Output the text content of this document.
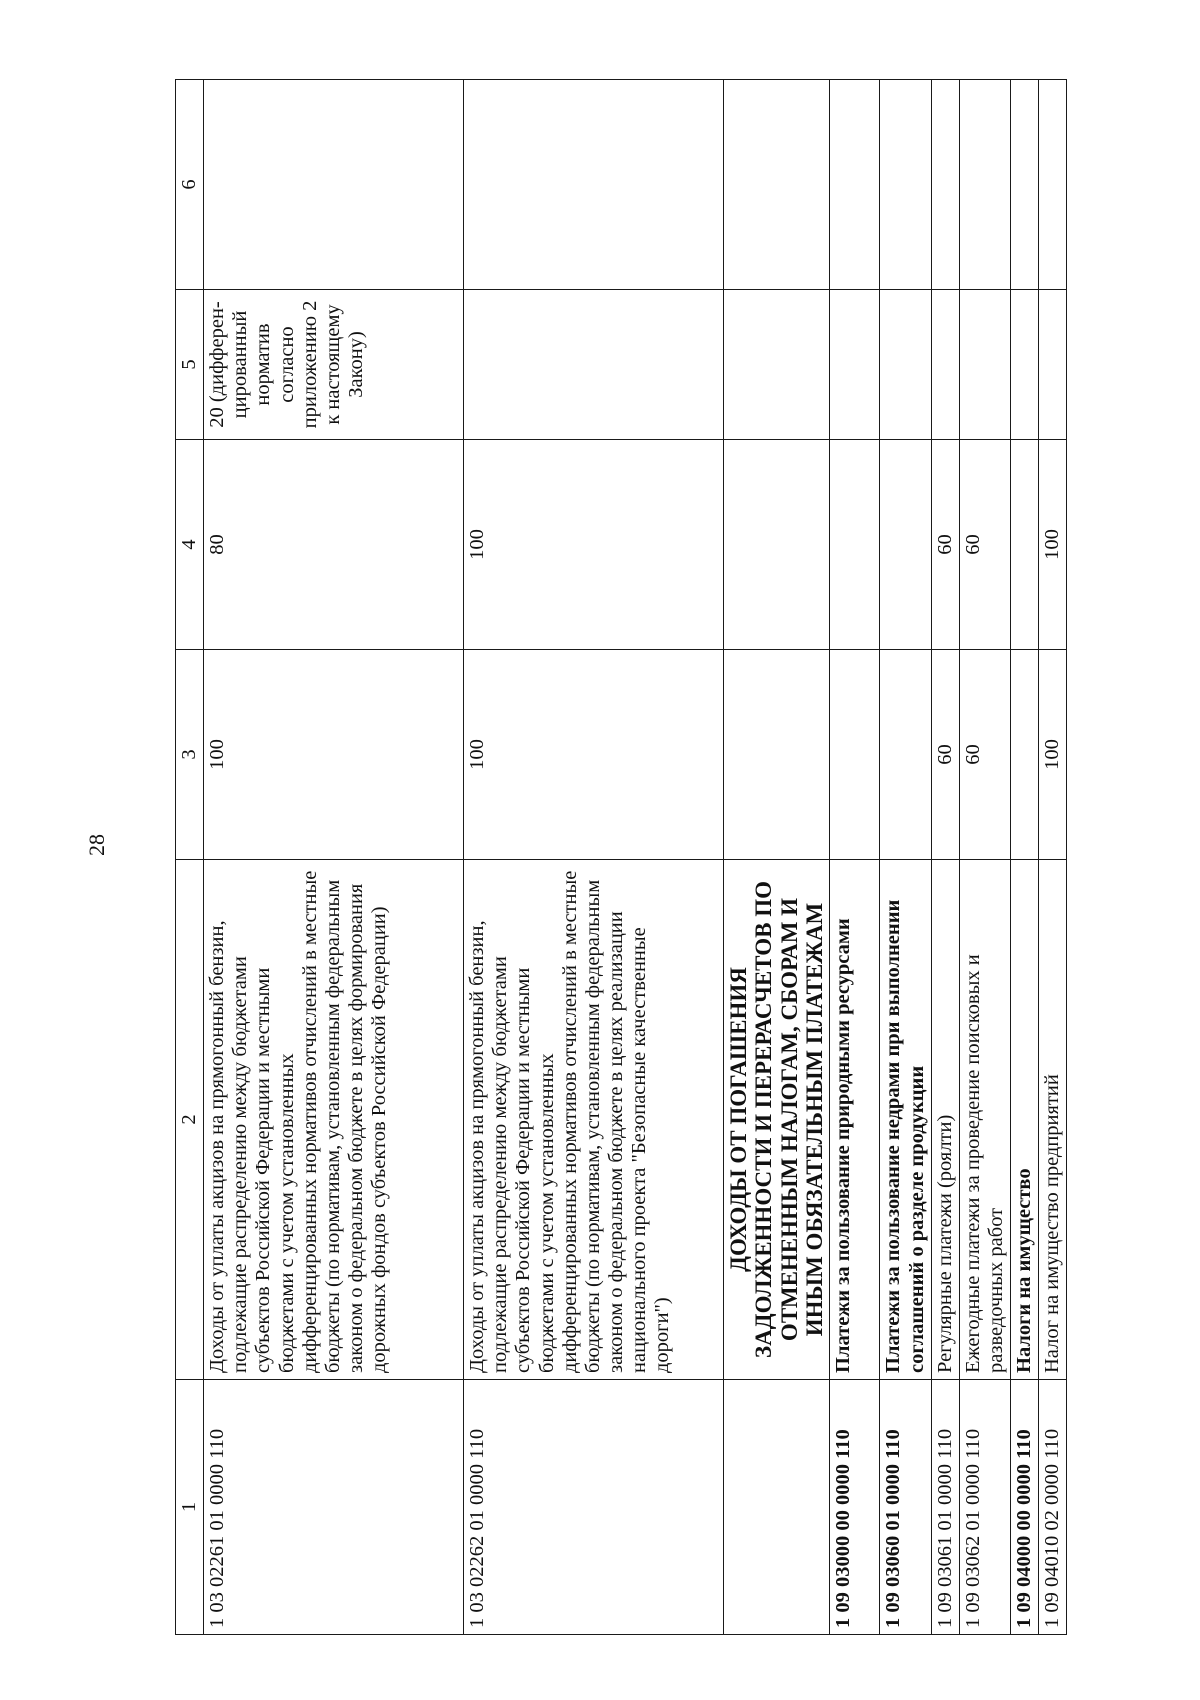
28
1	2	3	4	5	6
1 03 02261 01 0000 110	Доходы от уплаты акцизов на прямогонный бензин, подлежащие распределению между бюджетами субъектов Российской Федерации и местными бюджетами с учетом установленных дифференцированных нормативов отчислений в местные бюджеты (по нормативам, установленным федеральным законом о федеральном бюджете в целях формирования дорожных фондов субъектов Российской Федерации)	100	80	20 (дифферен-цированный норматив согласно приложению 2 к настоящему Закону)	
1 03 02262 01 0000 110	Доходы от уплаты акцизов на прямогонный бензин, подлежащие распределению между бюджетами субъектов Российской Федерации и местными бюджетами с учетом установленных дифференцированных нормативов отчислений в местные бюджеты (по нормативам, установленным федеральным законом о федеральном бюджете в целях реализации национального проекта "Безопасные качественные дороги")	100	100		
	ДОХОДЫ ОТ ПОГАШЕНИЯ ЗАДОЛЖЕННОСТИ И ПЕРЕРАСЧЕТОВ ПО ОТМЕНЕННЫМ НАЛОГАМ, СБОРАМ И ИНЫМ ОБЯЗАТЕЛЬНЫМ ПЛАТЕЖАМ				
1 09 03000 00 0000 110	Платежи за пользование природными ресурсами				
1 09 03060 01 0000 110	Платежи за пользование недрами при выполнении соглашений о разделе продукции				
1 09 03061 01 0000 110	Регулярные платежи (роялти)	60	60		
1 09 03062 01 0000 110	Ежегодные платежи за проведение поисковых и разведочных работ	60	60		
1 09 04000 00 0000 110	Налоги на имущество				
1 09 04010 02 0000 110	Налог на имущество предприятий	100	100		
